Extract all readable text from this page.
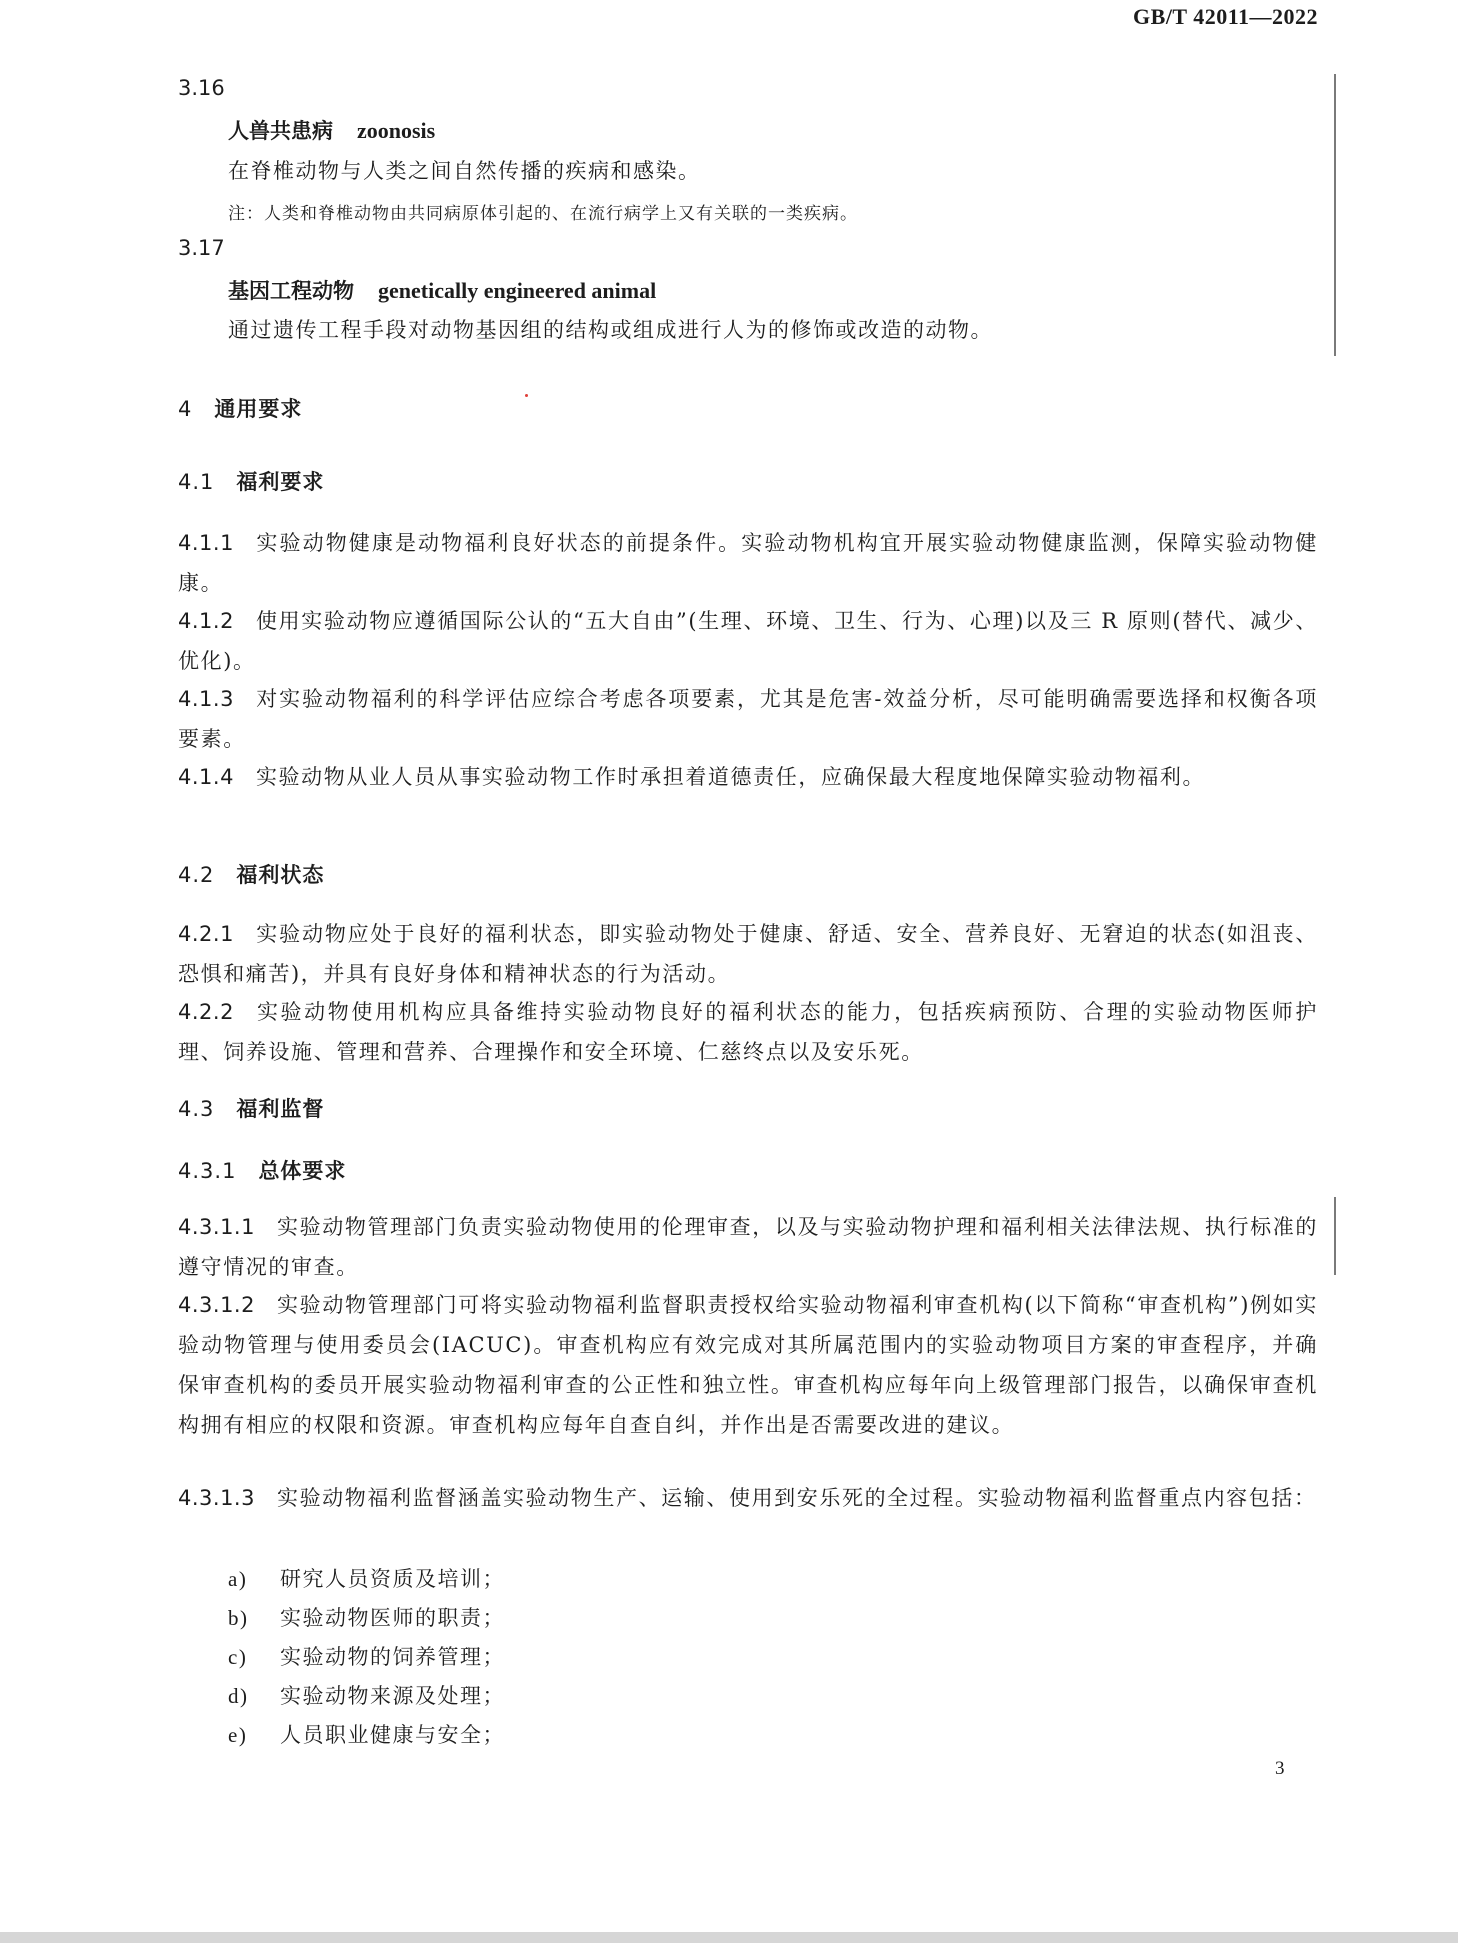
GB/T 42011—2022
3.16
人兽共患病 zoonosis
在脊椎动物与人类之间自然传播的疾病和感染。
注：人类和脊椎动物由共同病原体引起的、在流行病学上又有关联的一类疾病。
3.17
基因工程动物 genetically engineered animal
通过遗传工程手段对动物基因组的结构或组成进行人为的修饰或改造的动物。
4 通用要求
4.1 福利要求
4.1.1 实验动物健康是动物福利良好状态的前提条件。实验动物机构宜开展实验动物健康监测，保障实验动物健康。
4.1.2 使用实验动物应遵循国际公认的“五大自由”(生理、环境、卫生、行为、心理)以及三 R 原则(替代、减少、优化)。
4.1.3 对实验动物福利的科学评估应综合考虑各项要素，尤其是危害-效益分析，尽可能明确需要选择和权衡各项要素。
4.1.4 实验动物从业人员从事实验动物工作时承担着道德责任，应确保最大程度地保障实验动物福利。
4.2 福利状态
4.2.1 实验动物应处于良好的福利状态，即实验动物处于健康、舒适、安全、营养良好、无窘迫的状态(如沮丧、恐惧和痛苦)，并具有良好身体和精神状态的行为活动。
4.2.2 实验动物使用机构应具备维持实验动物良好的福利状态的能力，包括疾病预防、合理的实验动物医师护理、饲养设施、管理和营养、合理操作和安全环境、仁慈终点以及安乐死。
4.3 福利监督
4.3.1 总体要求
4.3.1.1 实验动物管理部门负责实验动物使用的伦理审查，以及与实验动物护理和福利相关法律法规、执行标准的遵守情况的审查。
4.3.1.2 实验动物管理部门可将实验动物福利监督职责授权给实验动物福利审查机构(以下简称“审查机构”)例如实验动物管理与使用委员会(IACUC)。审查机构应有效完成对其所属范围内的实验动物项目方案的审查程序，并确保审查机构的委员开展实验动物福利审查的公正性和独立性。审查机构应每年向上级管理部门报告，以确保审查机构拥有相应的权限和资源。审查机构应每年自查自纠，并作出是否需要改进的建议。
4.3.1.3 实验动物福利监督涵盖实验动物生产、运输、使用到安乐死的全过程。实验动物福利监督重点内容包括：
a) 研究人员资质及培训；
b) 实验动物医师的职责；
c) 实验动物的饲养管理；
d) 实验动物来源及处理；
e) 人员职业健康与安全；
3
